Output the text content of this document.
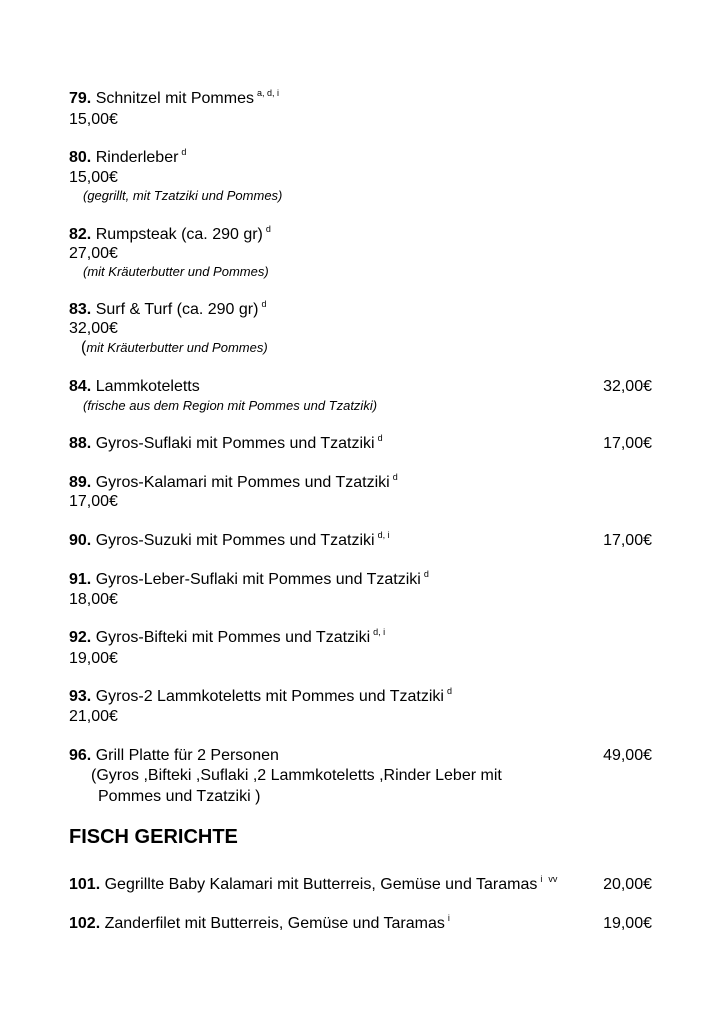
79. Schnitzel mit Pommes $^{a, d, i}$
15,00€
80. Rinderleber $^d$
15,00€
(gegrillt, mit Tzatziki und Pommes)
82. Rumpsteak (ca. 290 gr) $^d$
27,00€
(mit Kräuterbutter und Pommes)
83. Surf & Turf (ca. 290 gr) $^d$
32,00€
(mit Kräuterbutter und Pommes)
84. Lammkoteletts	32,00€
(frische aus dem Region mit Pommes und Tzatziki)
88. Gyros-Suflaki mit Pommes und Tzatziki $^d$	17,00€
89. Gyros-Kalamari mit Pommes und Tzatziki $^d$
17,00€
90. Gyros-Suzuki mit Pommes und Tzatziki $^{d, i}$	17,00€
91. Gyros-Leber-Suflaki mit Pommes und Tzatziki $^d$
18,00€
92. Gyros-Bifteki mit Pommes und Tzatziki $^{d, i}$
19,00€
93. Gyros-2 Lammkoteletts mit Pommes und Tzatziki $^d$
21,00€
96. Grill Platte für 2 Personen	49,00€
(Gyros ,Bifteki ,Suflaki ,2 Lammkoteletts ,Rinder Leber mit
Pommes und Tzatziki )
FISCH GERICHTE
101. Gegrillte Baby Kalamari mit Butterreis, Gemüse und Taramas $^i$ $^{vv}$	20,00€
102. Zanderfilet mit Butterreis, Gemüse und Taramas $^i$	19,00€
